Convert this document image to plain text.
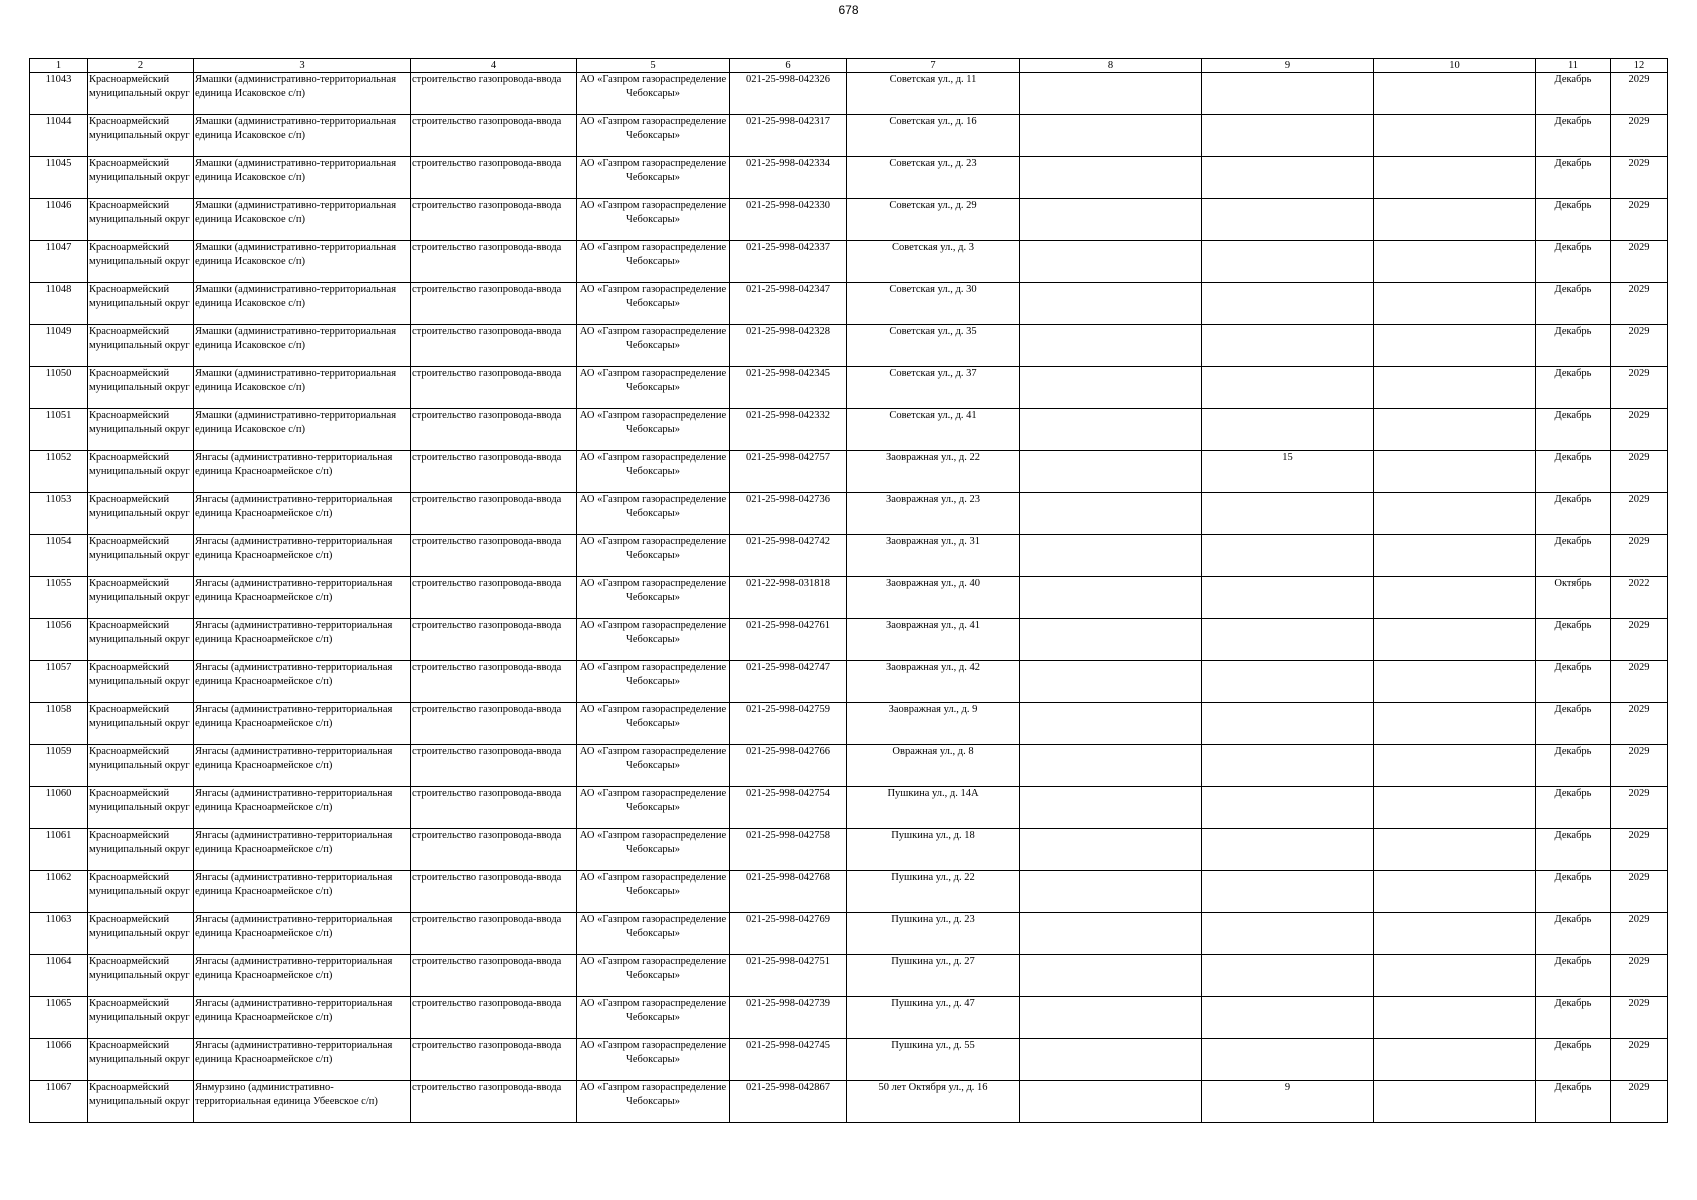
678
1	2	3	4	5	6	7	8	9	10	11	12

11043	Красноармейский муниципальный округ	Ямашки (административно-территориальная единица Исаковское с/п)	строительство газопровода-ввода	АО «Газпром газораспределение Чебоксары»	021-25-998-042326	Советская ул., д. 11				Декабрь	2029

11044	Красноармейский муниципальный округ	Ямашки (административно-территориальная единица Исаковское с/п)	строительство газопровода-ввода	АО «Газпром газораспределение Чебоксары»	021-25-998-042317	Советская ул., д. 16				Декабрь	2029

11045	Красноармейский муниципальный округ	Ямашки (административно-территориальная единица Исаковское с/п)	строительство газопровода-ввода	АО «Газпром газораспределение Чебоксары»	021-25-998-042334	Советская ул., д. 23				Декабрь	2029

11046	Красноармейский муниципальный округ	Ямашки (административно-территориальная единица Исаковское с/п)	строительство газопровода-ввода	АО «Газпром газораспределение Чебоксары»	021-25-998-042330	Советская ул., д. 29				Декабрь	2029

11047	Красноармейский муниципальный округ	Ямашки (административно-территориальная единица Исаковское с/п)	строительство газопровода-ввода	АО «Газпром газораспределение Чебоксары»	021-25-998-042337	Советская ул., д. 3				Декабрь	2029

11048	Красноармейский муниципальный округ	Ямашки (административно-территориальная единица Исаковское с/п)	строительство газопровода-ввода	АО «Газпром газораспределение Чебоксары»	021-25-998-042347	Советская ул., д. 30				Декабрь	2029

11049	Красноармейский муниципальный округ	Ямашки (административно-территориальная единица Исаковское с/п)	строительство газопровода-ввода	АО «Газпром газораспределение Чебоксары»	021-25-998-042328	Советская ул., д. 35				Декабрь	2029

11050	Красноармейский муниципальный округ	Ямашки (административно-территориальная единица Исаковское с/п)	строительство газопровода-ввода	АО «Газпром газораспределение Чебоксары»	021-25-998-042345	Советская ул., д. 37				Декабрь	2029

11051	Красноармейский муниципальный округ	Ямашки (административно-территориальная единица Исаковское с/п)	строительство газопровода-ввода	АО «Газпром газораспределение Чебоксары»	021-25-998-042332	Советская ул., д. 41				Декабрь	2029

11052	Красноармейский муниципальный округ	Янгасы (административно-территориальная единица Красноармейское с/п)	строительство газопровода-ввода	АО «Газпром газораспределение Чебоксары»	021-25-998-042757	Заовражная ул., д. 22		15		Декабрь	2029

11053	Красноармейский муниципальный округ	Янгасы (административно-территориальная единица Красноармейское с/п)	строительство газопровода-ввода	АО «Газпром газораспределение Чебоксары»	021-25-998-042736	Заовражная ул., д. 23				Декабрь	2029

11054	Красноармейский муниципальный округ	Янгасы (административно-территориальная единица Красноармейское с/п)	строительство газопровода-ввода	АО «Газпром газораспределение Чебоксары»	021-25-998-042742	Заовражная ул., д. 31				Декабрь	2029

11055	Красноармейский муниципальный округ	Янгасы (административно-территориальная единица Красноармейское с/п)	строительство газопровода-ввода	АО «Газпром газораспределение Чебоксары»	021-22-998-031818	Заовражная ул., д. 40				Октябрь	2022

11056	Красноармейский муниципальный округ	Янгасы (административно-территориальная единица Красноармейское с/п)	строительство газопровода-ввода	АО «Газпром газораспределение Чебоксары»	021-25-998-042761	Заовражная ул., д. 41				Декабрь	2029

11057	Красноармейский муниципальный округ	Янгасы (административно-территориальная единица Красноармейское с/п)	строительство газопровода-ввода	АО «Газпром газораспределение Чебоксары»	021-25-998-042747	Заовражная ул., д. 42				Декабрь	2029

11058	Красноармейский муниципальный округ	Янгасы (административно-территориальная единица Красноармейское с/п)	строительство газопровода-ввода	АО «Газпром газораспределение Чебоксары»	021-25-998-042759	Заовражная ул., д. 9				Декабрь	2029

11059	Красноармейский муниципальный округ	Янгасы (административно-территориальная единица Красноармейское с/п)	строительство газопровода-ввода	АО «Газпром газораспределение Чебоксары»	021-25-998-042766	Овражная ул., д. 8				Декабрь	2029

11060	Красноармейский муниципальный округ	Янгасы (административно-территориальная единица Красноармейское с/п)	строительство газопровода-ввода	АО «Газпром газораспределение Чебоксары»	021-25-998-042754	Пушкина ул., д. 14А				Декабрь	2029

11061	Красноармейский муниципальный округ	Янгасы (административно-территориальная единица Красноармейское с/п)	строительство газопровода-ввода	АО «Газпром газораспределение Чебоксары»	021-25-998-042758	Пушкина ул., д. 18				Декабрь	2029

11062	Красноармейский муниципальный округ	Янгасы (административно-территориальная единица Красноармейское с/п)	строительство газопровода-ввода	АО «Газпром газораспределение Чебоксары»	021-25-998-042768	Пушкина ул., д. 22				Декабрь	2029

11063	Красноармейский муниципальный округ	Янгасы (административно-территориальная единица Красноармейское с/п)	строительство газопровода-ввода	АО «Газпром газораспределение Чебоксары»	021-25-998-042769	Пушкина ул., д. 23				Декабрь	2029

11064	Красноармейский муниципальный округ	Янгасы (административно-территориальная единица Красноармейское с/п)	строительство газопровода-ввода	АО «Газпром газораспределение Чебоксары»	021-25-998-042751	Пушкина ул., д. 27				Декабрь	2029

11065	Красноармейский муниципальный округ	Янгасы (административно-территориальная единица Красноармейское с/п)	строительство газопровода-ввода	АО «Газпром газораспределение Чебоксары»	021-25-998-042739	Пушкина ул., д. 47				Декабрь	2029

11066	Красноармейский муниципальный округ	Янгасы (административно-территориальная единица Красноармейское с/п)	строительство газопровода-ввода	АО «Газпром газораспределение Чебоксары»	021-25-998-042745	Пушкина ул., д. 55				Декабрь	2029

11067	Красноармейский муниципальный округ	Янмурзино (административно-территориальная единица Убеевское с/п)	строительство газопровода-ввода	АО «Газпром газораспределение Чебоксары»	021-25-998-042867	50 лет Октября ул., д. 16		9		Декабрь	2029
